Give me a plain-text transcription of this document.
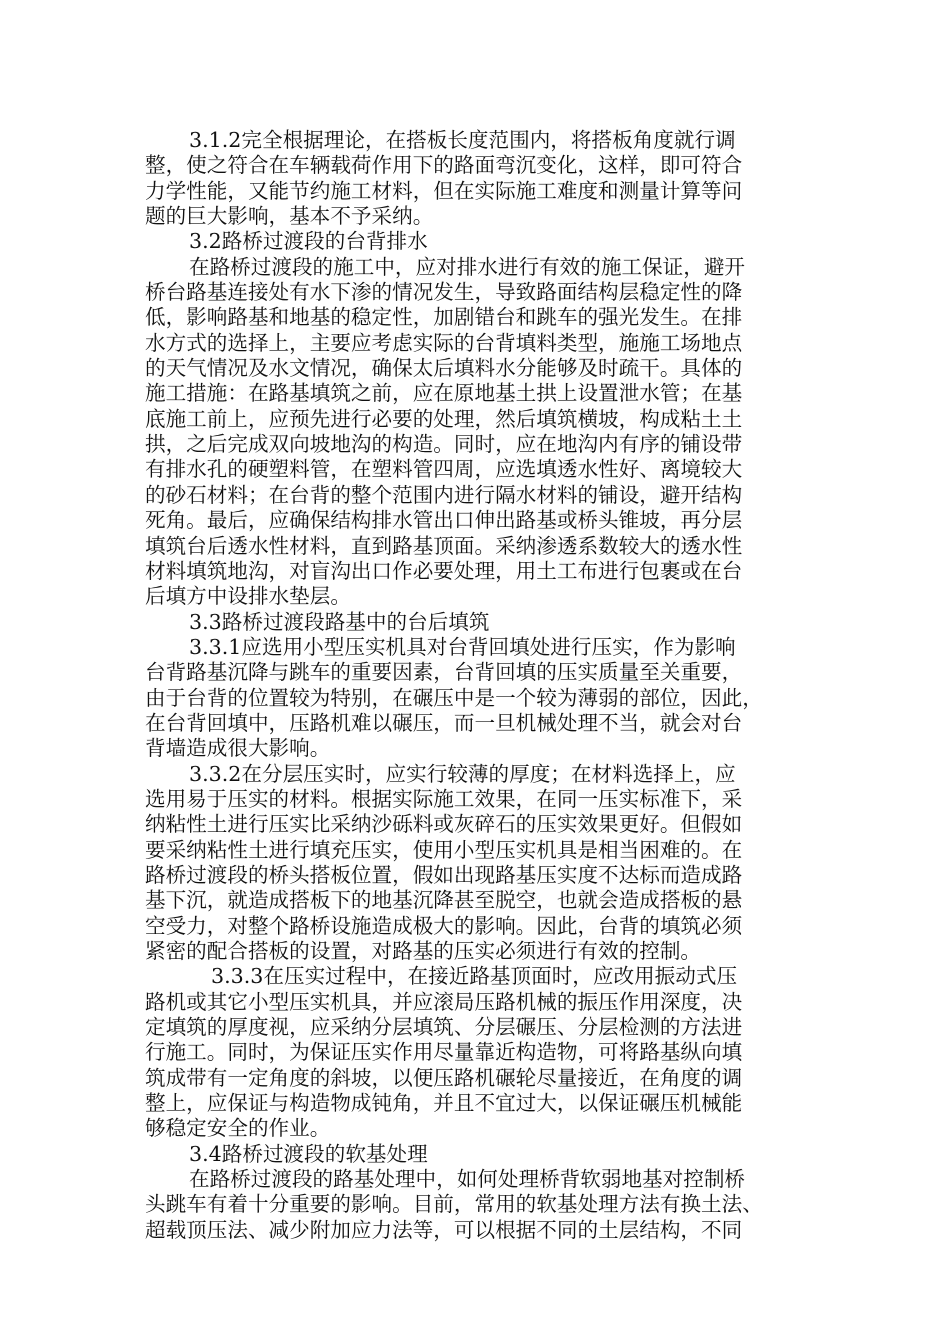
3.1.2完全根据理论，在搭板长度范围内，将搭板角度就行调
整，使之符合在车辆载荷作用下的路面弯沉变化，这样，即可符合
力学性能，又能节约施工材料，但在实际施工难度和测量计算等问
题的巨大影响，基本不予采纳。
3.2路桥过渡段的台背排水
在路桥过渡段的施工中，应对排水进行有效的施工保证，避开
桥台路基连接处有水下渗的情况发生，导致路面结构层稳定性的降
低，影响路基和地基的稳定性，加剧错台和跳车的强光发生。在排
水方式的选择上，主要应考虑实际的台背填料类型，施施工场地点
的天气情况及水文情况，确保太后填料水分能够及时疏干。具体的
施工措施：在路基填筑之前，应在原地基土拱上设置泄水管；在基
底施工前上，应预先进行必要的处理，然后填筑横坡，构成粘土土
拱，之后完成双向坡地沟的构造。同时，应在地沟内有序的铺设带
有排水孔的硬塑料管，在塑料管四周，应选填透水性好、离境较大
的砂石材料；在台背的整个范围内进行隔水材料的铺设，避开结构
死角。最后，应确保结构排水管出口伸出路基或桥头锥坡，再分层
填筑台后透水性材料，直到路基顶面。采纳渗透系数较大的透水性
材料填筑地沟，对盲沟出口作必要处理，用土工布进行包裹或在台
后填方中设排水垫层。
3.3路桥过渡段路基中的台后填筑
3.3.1应选用小型压实机具对台背回填处进行压实，作为影响
台背路基沉降与跳车的重要因素，台背回填的压实质量至关重要，
由于台背的位置较为特别，在碾压中是一个较为薄弱的部位，因此，
在台背回填中，压路机难以碾压，而一旦机械处理不当，就会对台
背墙造成很大影响。
3.3.2在分层压实时，应实行较薄的厚度；在材料选择上，应
选用易于压实的材料。根据实际施工效果，在同一压实标准下，采
纳粘性土进行压实比采纳沙砾料或灰碎石的压实效果更好。但假如
要采纳粘性土进行填充压实，使用小型压实机具是相当困难的。在
路桥过渡段的桥头搭板位置，假如出现路基压实度不达标而造成路
基下沉，就造成搭板下的地基沉降甚至脱空，也就会造成搭板的悬
空受力，对整个路桥设施造成极大的影响。因此，台背的填筑必须
紧密的配合搭板的设置，对路基的压实必须进行有效的控制。
3.3.3在压实过程中，在接近路基顶面时，应改用振动式压
路机或其它小型压实机具，并应滚局压路机械的振压作用深度，决
定填筑的厚度视，应采纳分层填筑、分层碾压、分层检测的方法进
行施工。同时，为保证压实作用尽量靠近构造物，可将路基纵向填
筑成带有一定角度的斜坡，以便压路机碾轮尽量接近，在角度的调
整上，应保证与构造物成钝角，并且不宜过大，以保证碾压机械能
够稳定安全的作业。
3.4路桥过渡段的软基处理
在路桥过渡段的路基处理中，如何处理桥背软弱地基对控制桥
头跳车有着十分重要的影响。目前，常用的软基处理方法有换土法、
超载顶压法、减少附加应力法等，可以根据不同的土层结构，不同
